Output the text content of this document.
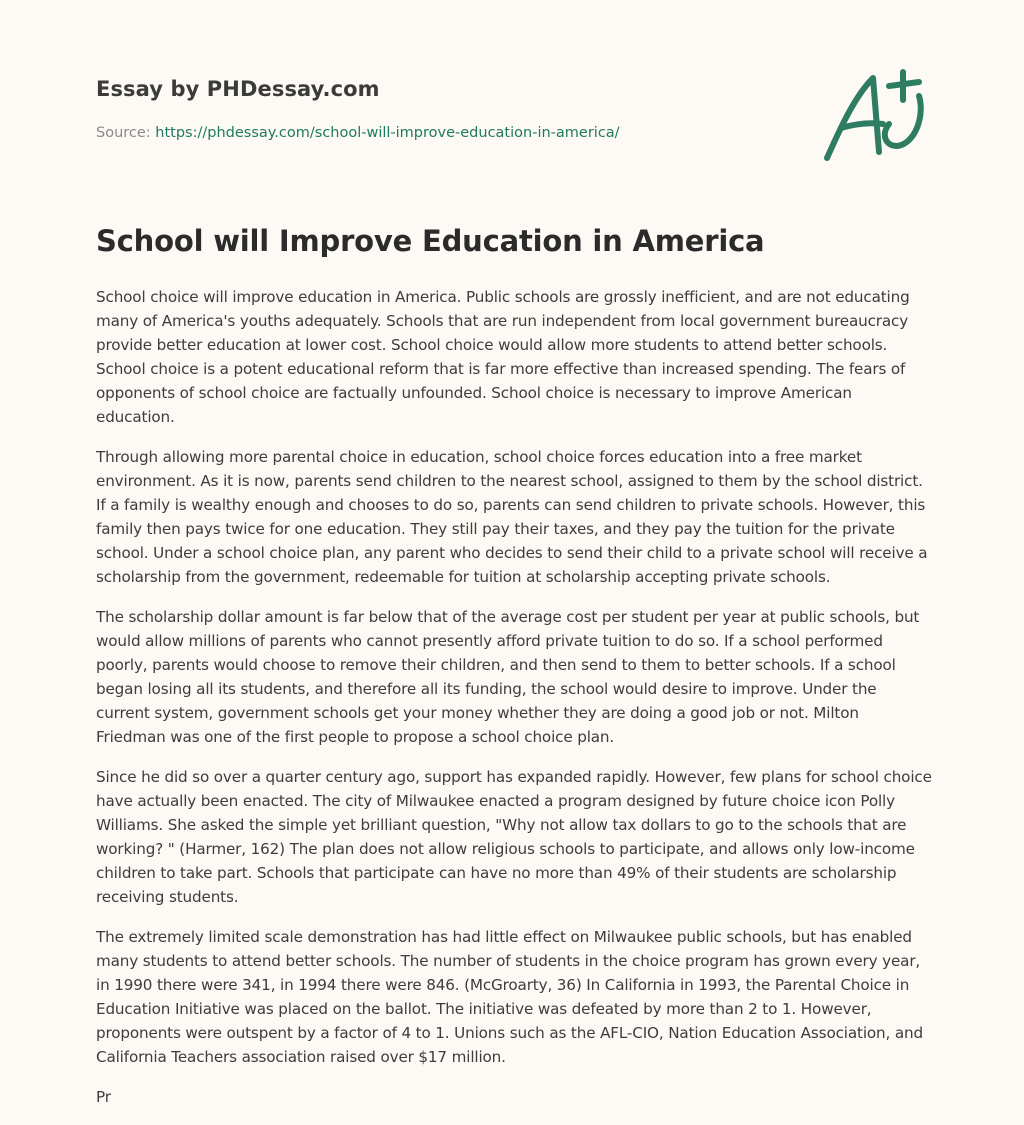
Essay by PHDessay.com

Source: https://phdessay.com/school-will-improve-education-in-america/

School will Improve Education in America

School choice will improve education in America. Public schools are grossly inefficient, and are not educating many of America's youths adequately. Schools that are run independent from local government bureaucracy provide better education at lower cost. School choice would allow more students to attend better schools. School choice is a potent educational reform that is far more effective than increased spending. The fears of opponents of school choice are factually unfounded. School choice is necessary to improve American education.

Through allowing more parental choice in education, school choice forces education into a free market environment. As it is now, parents send children to the nearest school, assigned to them by the school district. If a family is wealthy enough and chooses to do so, parents can send children to private schools. However, this family then pays twice for one education. They still pay their taxes, and they pay the tuition for the private school. Under a school choice plan, any parent who decides to send their child to a private school will receive a scholarship from the government, redeemable for tuition at scholarship accepting private schools.

The scholarship dollar amount is far below that of the average cost per student per year at public schools, but would allow millions of parents who cannot presently afford private tuition to do so. If a school performed poorly, parents would choose to remove their children, and then send to them to better schools. If a school began losing all its students, and therefore all its funding, the school would desire to improve. Under the current system, government schools get your money whether they are doing a good job or not. Milton Friedman was one of the first people to propose a school choice plan.

Since he did so over a quarter century ago, support has expanded rapidly. However, few plans for school choice have actually been enacted. The city of Milwaukee enacted a program designed by future choice icon Polly Williams. She asked the simple yet brilliant question, "Why not allow tax dollars to go to the schools that are working? " (Harmer, 162) The plan does not allow religious schools to participate, and allows only low-income children to take part. Schools that participate can have no more than 49% of their students are scholarship receiving students.

The extremely limited scale demonstration has had little effect on Milwaukee public schools, but has enabled many students to attend better schools. The number of students in the choice program has grown every year, in 1990 there were 341, in 1994 there were 846. (McGroarty, 36) In California in 1993, the Parental Choice in Education Initiative was placed on the ballot. The initiative was defeated by more than 2 to 1. However, proponents were outspent by a factor of 4 to 1. Unions such as the AFL-CIO, Nation Education Association, and California Teachers association raised over $17 million.

Pr
